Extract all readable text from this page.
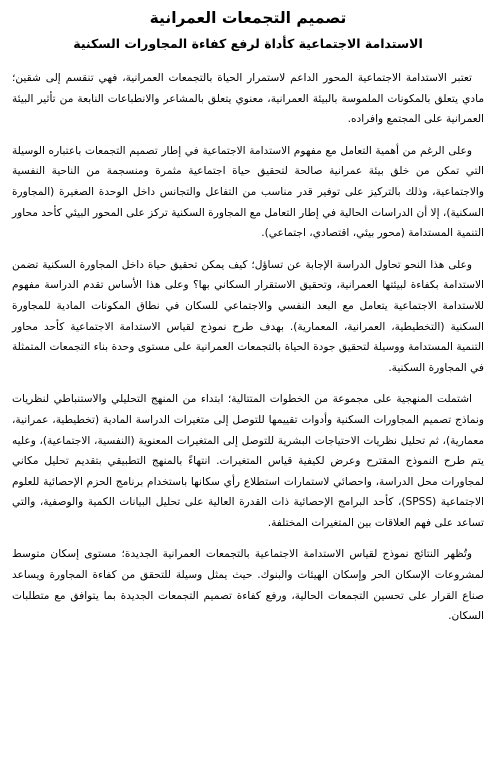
تصميم التجمعات العمرانية
الاستدامة الاجتماعية كأداة لرفع كفاءة المجاورات السكنية

تعتبر الاستدامة الاجتماعية المحور الداعم لاستمرار الحياة بالتجمعات العمرانية، فهي تنقسم إلى شقين؛ مادي يتعلق بالمكونات الملموسة بالبيئة العمرانية، معنوي يتعلق بالمشاعر والانطباعات النابعة من تأثير البيئة العمرانية على المجتمع وافراده.

وعلى الرغم من أهمية التعامل مع مفهوم الاستدامة الاجتماعية في إطار تصميم التجمعات باعتباره الوسيلة التي تمكن من خلق بيئة عمرانية صالحة لتحقيق حياة اجتماعية مثمرة ومنسجمة من الناحية النفسية والاجتماعية، وذلك بالتركيز على توفير قدر مناسب من التفاعل والتجانس داخل الوحدة الصغيرة (المجاورة السكنية)، إلا أن الدراسات الحالية في إطار التعامل مع المجاورة السكنية تركز على المحور البيئي كأحد محاور التنمية المستدامة (محور بيئي، اقتصادي، اجتماعي).

وعلى هذا النحو تحاول الدراسة الإجابة عن تساؤل؛ كيف يمكن تحقيق حياة داخل المجاورة السكنية تضمن الاستدامة بكفاءة لبيئتها العمرانية، وتحقيق الاستقرار السكاني بها؟ وعلى هذا الأساس تقدم الدراسة مفهوم للاستدامة الاجتماعية يتعامل مع البعد النفسي والاجتماعي للسكان في نطاق المكونات المادية للمجاورة السكنية (التخطيطية، العمرانية، المعمارية). بهدف طرح نموذج لقياس الاستدامة الاجتماعية كأحد محاور التنمية المستدامة ووسيلة لتحقيق جودة الحياة بالتجمعات العمرانية على مستوى وحدة بناء التجمعات المتمثلة في المجاورة السكنية.

اشتملت المنهجية على مجموعة من الخطوات المتتالية؛ ابتداء من المنهج التحليلي والاستنباطي لنظريات ونماذج تصميم المجاورات السكنية وأدوات تقييمها للتوصل إلى متغيرات الدراسة المادية (تخطيطية، عمرانية، معمارية)، ثم تحليل نظريات الاحتياجات البشرية للتوصل إلى المتغيرات المعنوية (النفسية، الاجتماعية)، وعليه يتم طرح النموذج المقترح وعرض لكيفية قياس المتغيرات. انتهاءً بالمنهج التطبيقي بتقديم تحليل مكاني لمجاورات محل الدراسة، واحصائي لاستمارات استطلاع رأي سكانها باستخدام برنامج الحزم الإحصائية للعلوم الاجتماعية (SPSS)، كأحد البرامج الإحصائية ذات القدرة العالية على تحليل البيانات الكمية والوصفية، والتي تساعد على فهم العلاقات بين المتغيرات المختلفة.

وتُظهر النتائج نموذج لقياس الاستدامة الاجتماعية بالتجمعات العمرانية الجديدة؛ مستوى إسكان متوسط لمشروعات الإسكان الحر وإسكان الهيئات والبنوك. حيث يمثل وسيلة للتحقق من كفاءة المجاورة ويساعد صناع القرار على تحسين التجمعات الحالية، ورفع كفاءة تصميم التجمعات الجديدة بما يتوافق مع متطلبات السكان.
